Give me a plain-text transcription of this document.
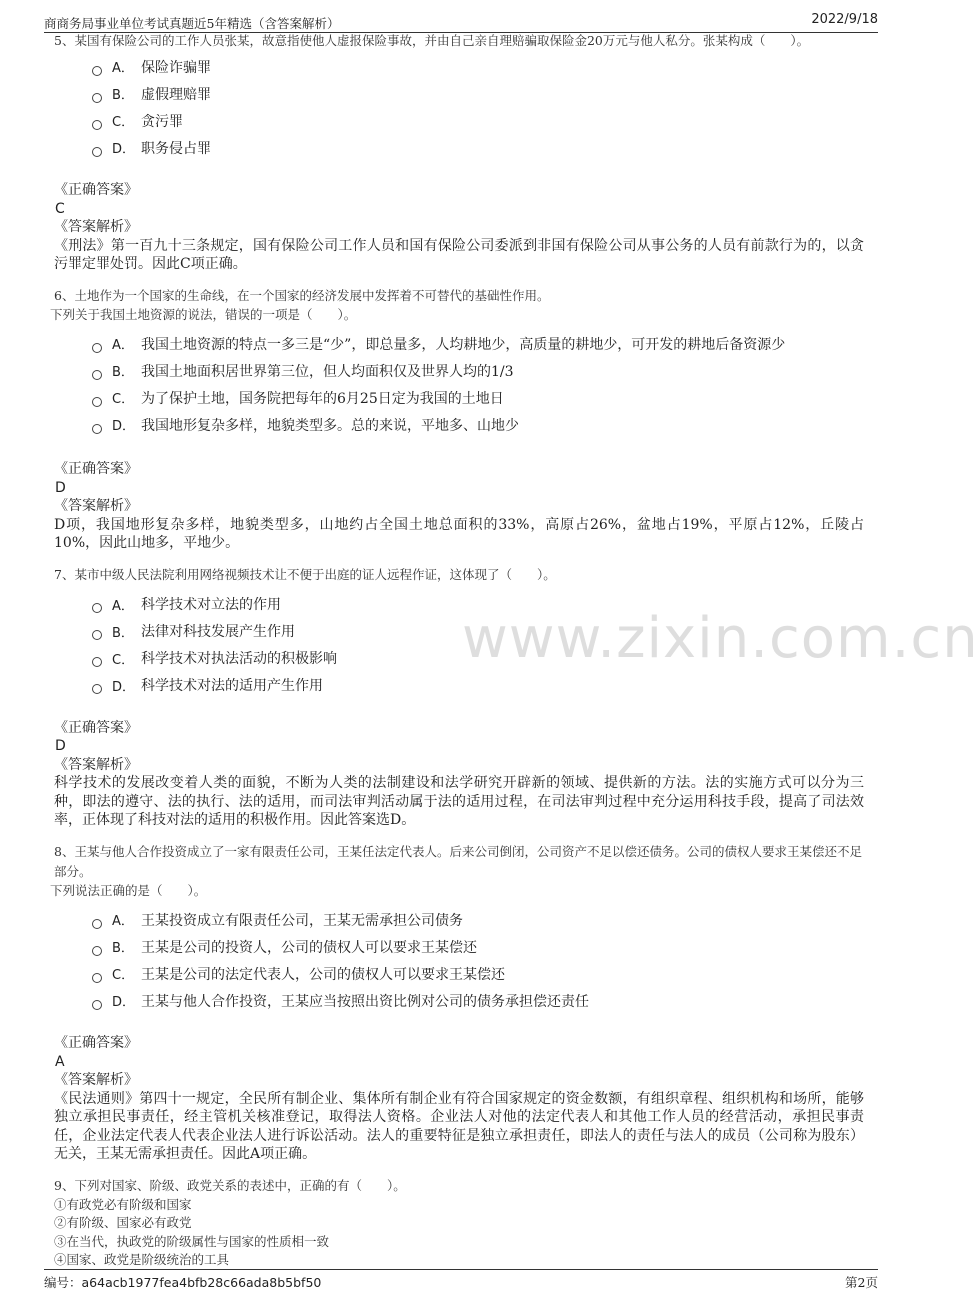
商商务局事业单位考试真题近5年精选（含答案解析）	2022/9/18
www.zixin.com.cn
5、某国有保险公司的工作人员张某，故意指使他人虚报保险事故，并由自己亲自理赔骗取保险金20万元与他人私分。张某构成（　　）。
A． 保险诈骗罪
B． 虚假理赔罪
C． 贪污罪
D． 职务侵占罪
《正确答案》
C
《答案解析》
《刑法》第一百九十三条规定，国有保险公司工作人员和国有保险公司委派到非国有保险公司从事公务的人员有前款行为的，以贪污罪定罪处罚。因此C项正确。
6、土地作为一个国家的生命线，在一个国家的经济发展中发挥着不可替代的基础性作用。
下列关于我国土地资源的说法，错误的一项是（　　）。
A． 我国土地资源的特点一多三是“少”，即总量多，人均耕地少，高质量的耕地少，可开发的耕地后备资源少
B． 我国土地面积居世界第三位，但人均面积仅及世界人均的1/3
C． 为了保护土地，国务院把每年的6月25日定为我国的土地日
D． 我国地形复杂多样，地貌类型多。总的来说，平地多、山地少
《正确答案》
D
《答案解析》
D项，我国地形复杂多样，地貌类型多，山地约占全国土地总面积的33%，高原占26%，盆地占19%，平原占12%，丘陵占10%，因此山地多，平地少。
7、某市中级人民法院利用网络视频技术让不便于出庭的证人远程作证，这体现了（　　）。
A． 科学技术对立法的作用
B． 法律对科技发展产生作用
C． 科学技术对执法活动的积极影响
D． 科学技术对法的适用产生作用
《正确答案》
D
《答案解析》
科学技术的发展改变着人类的面貌，不断为人类的法制建设和法学研究开辟新的领域、提供新的方法。法的实施方式可以分为三种，即法的遵守、法的执行、法的适用，而司法审判活动属于法的适用过程，在司法审判过程中充分运用科技手段，提高了司法效率，正体现了科技对法的适用的积极作用。因此答案选D。
8、王某与他人合作投资成立了一家有限责任公司，王某任法定代表人。后来公司倒闭，公司资产不足以偿还债务。公司的债权人要求王某偿还不足部分。
下列说法正确的是（　　）。
A． 王某投资成立有限责任公司，王某无需承担公司债务
B． 王某是公司的投资人，公司的债权人可以要求王某偿还
C． 王某是公司的法定代表人，公司的债权人可以要求王某偿还
D． 王某与他人合作投资，王某应当按照出资比例对公司的债务承担偿还责任
《正确答案》
A
《答案解析》
《民法通则》第四十一规定，全民所有制企业、集体所有制企业有符合国家规定的资金数额，有组织章程、组织机构和场所，能够独立承担民事责任，经主管机关核准登记，取得法人资格。企业法人对他的法定代表人和其他工作人员的经营活动，承担民事责任，企业法定代表人代表企业法人进行诉讼活动。法人的重要特征是独立承担责任，即法人的责任与法人的成员（公司称为股东）无关，王某无需承担责任。因此A项正确。
9、下列对国家、阶级、政党关系的表述中，正确的有（　　）。
①有政党必有阶级和国家
②有阶级、国家必有政党
③在当代，执政党的阶级属性与国家的性质相一致
④国家、政党是阶级统治的工具
编号：a64acb1977fea4bfb28c66ada8b5bf50	第2页
